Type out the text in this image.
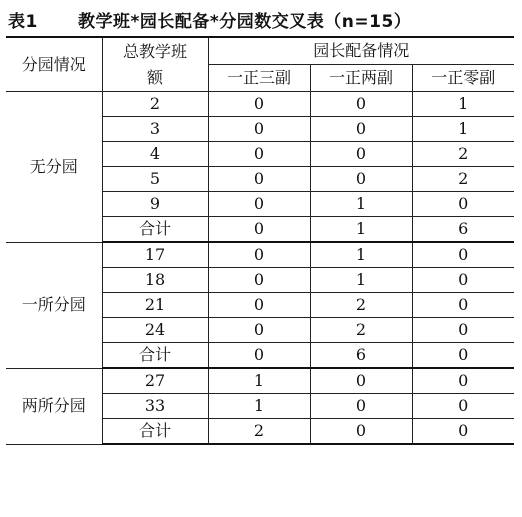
表1	教学班*园长配备*分园数交叉表（n=15）
分园情况	总教学班额	园长配备情况		
		一正三副	一正两副	一正零副
无分园	2	0	0	1
	3	0	0	1
	4	0	0	2
	5	0	0	2
	9	0	1	0
	合计	0	1	6
一所分园	17	0	1	0
	18	0	1	0
	21	0	2	0
	24	0	2	0
	合计	0	6	0
两所分园	27	1	0	0
	33	1	0	0
	合计	2	0	0
